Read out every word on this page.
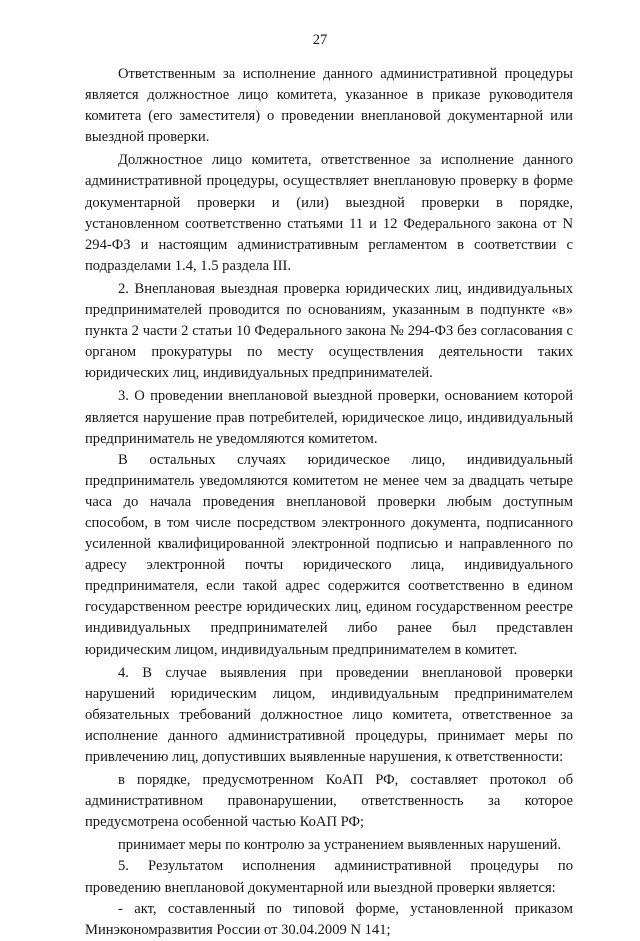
27

Ответственным за исполнение данного административной процедуры является должностное лицо комитета, указанное в приказе руководителя комитета (его заместителя) о проведении внеплановой документарной или выездной проверки.

Должностное лицо комитета, ответственное за исполнение данного административной процедуры, осуществляет внеплановую проверку в форме документарной проверки и (или) выездной проверки в порядке, установленном соответственно статьями 11 и 12 Федерального закона от N 294-ФЗ и настоящим административным регламентом в соответствии с подразделами 1.4, 1.5 раздела III.

2. Внеплановая выездная проверка юридических лиц, индивидуальных предпринимателей проводится по основаниям, указанным в подпункте «в» пункта 2 части 2 статьи 10 Федерального закона № 294-ФЗ без согласования с органом прокуратуры по месту осуществления деятельности таких юридических лиц, индивидуальных предпринимателей.

3. О проведении внеплановой выездной проверки, основанием которой является нарушение прав потребителей, юридическое лицо, индивидуальный предприниматель не уведомляются комитетом.

В остальных случаях юридическое лицо, индивидуальный предприниматель уведомляются комитетом не менее чем за двадцать четыре часа до начала проведения внеплановой проверки любым доступным способом, в том числе посредством электронного документа, подписанного усиленной квалифицированной электронной подписью и направленного по адресу электронной почты юридического лица, индивидуального предпринимателя, если такой адрес содержится соответственно в едином государственном реестре юридических лиц, едином государственном реестре индивидуальных предпринимателей либо ранее был представлен юридическим лицом, индивидуальным предпринимателем в комитет.

4. В случае выявления при проведении внеплановой проверки нарушений юридическим лицом, индивидуальным предпринимателем обязательных требований должностное лицо комитета, ответственное за исполнение данного административной процедуры, принимает меры по привлечению лиц, допустивших выявленные нарушения, к ответственности:

в порядке, предусмотренном КоАП РФ, составляет протокол об административном правонарушении, ответственность за которое предусмотрена особенной частью КоАП РФ;

принимает меры по контролю за устранением выявленных нарушений.

5. Результатом исполнения административной процедуры по проведению внеплановой документарной или выездной проверки является:

- акт, составленный по типовой форме, установленной приказом Минэкономразвития России от 30.04.2009 N 141;
